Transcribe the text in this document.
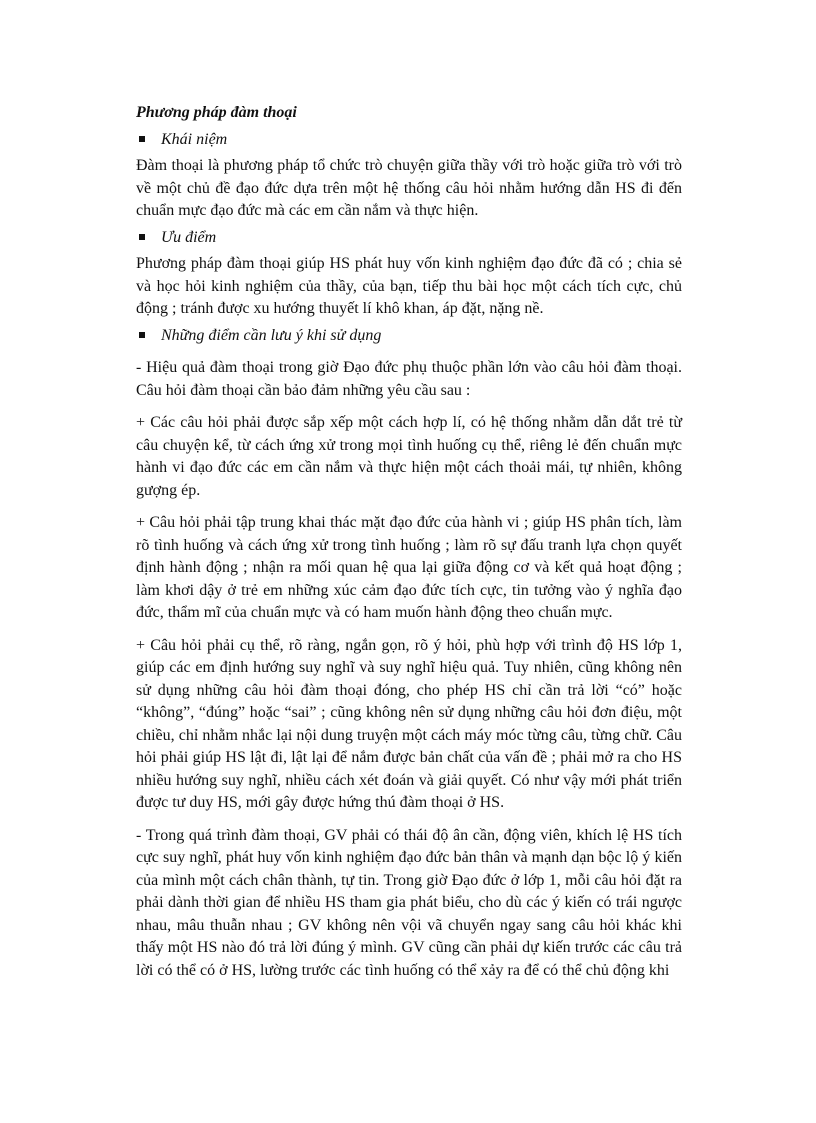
Phương pháp đàm thoại

Khái niệm

Đàm thoại là phương pháp tổ chức trò chuyện giữa thầy với trò hoặc giữa trò với trò về một chủ đề đạo đức dựa trên một hệ thống câu hỏi nhằm hướng dẫn HS đi đến chuẩn mực đạo đức mà các em cần nắm và thực hiện.

Ưu điểm

Phương pháp đàm thoại giúp HS phát huy vốn kinh nghiệm đạo đức đã có ; chia sẻ và học hỏi kinh nghiệm của thầy, của bạn, tiếp thu bài học một cách tích cực, chủ động ; tránh được xu hướng thuyết lí khô khan, áp đặt, nặng nề.

Những điểm cần lưu ý khi sử dụng

- Hiệu quả đàm thoại trong giờ Đạo đức phụ thuộc phần lớn vào câu hỏi đàm thoại. Câu hỏi đàm thoại cần bảo đảm những yêu cầu sau :

+ Các câu hỏi phải được sắp xếp một cách hợp lí, có hệ thống nhằm dẫn dắt trẻ từ câu chuyện kể, từ cách ứng xử trong mọi tình huống cụ thể, riêng lẻ đến chuẩn mực hành vi đạo đức các em cần nắm và thực hiện một cách thoải mái, tự nhiên, không gượng ép.

+ Câu hỏi phải tập trung khai thác mặt đạo đức của hành vi ; giúp HS phân tích, làm rõ tình huống và cách ứng xử trong tình huống ; làm rõ sự đấu tranh lựa chọn quyết định hành động ; nhận ra mối quan hệ qua lại giữa động cơ và kết quả hoạt động ; làm khơi dậy ở trẻ em những xúc cảm đạo đức tích cực, tin tưởng vào ý nghĩa đạo đức, thẩm mĩ của chuẩn mực và có ham muốn hành động theo chuẩn mực.

+ Câu hỏi phải cụ thể, rõ ràng, ngắn gọn, rõ ý hỏi, phù hợp với trình độ HS lớp 1, giúp các em định hướng suy nghĩ và suy nghĩ hiệu quả. Tuy nhiên, cũng không nên sử dụng những câu hỏi đàm thoại đóng, cho phép HS chỉ cần trả lời “có” hoặc “không”, “đúng” hoặc “sai” ; cũng không nên sử dụng những câu hỏi đơn điệu, một chiều, chỉ nhằm nhắc lại nội dung truyện một cách máy móc từng câu, từng chữ. Câu hỏi phải giúp HS lật đi, lật lại để nắm được bản chất của vấn đề ; phải mở ra cho HS nhiều hướng suy nghĩ, nhiều cách xét đoán và giải quyết. Có như vậy mới phát triển được tư duy HS, mới gây được hứng thú đàm thoại ở HS.

- Trong quá trình đàm thoại, GV phải có thái độ ân cần, động viên, khích lệ HS tích cực suy nghĩ, phát huy vốn kinh nghiệm đạo đức bản thân và mạnh dạn bộc lộ ý kiến của mình một cách chân thành, tự tin. Trong giờ Đạo đức ở lớp 1, mỗi câu hỏi đặt ra phải dành thời gian để nhiều HS tham gia phát biểu, cho dù các ý kiến có trái ngược nhau, mâu thuẫn nhau ; GV không nên vội vã chuyển ngay sang câu hỏi khác khi thấy một HS nào đó trả lời đúng ý mình. GV cũng cần phải dự kiến trước các câu trả lời có thể có ở HS, lường trước các tình huống có thể xảy ra để có thể chủ động khi
